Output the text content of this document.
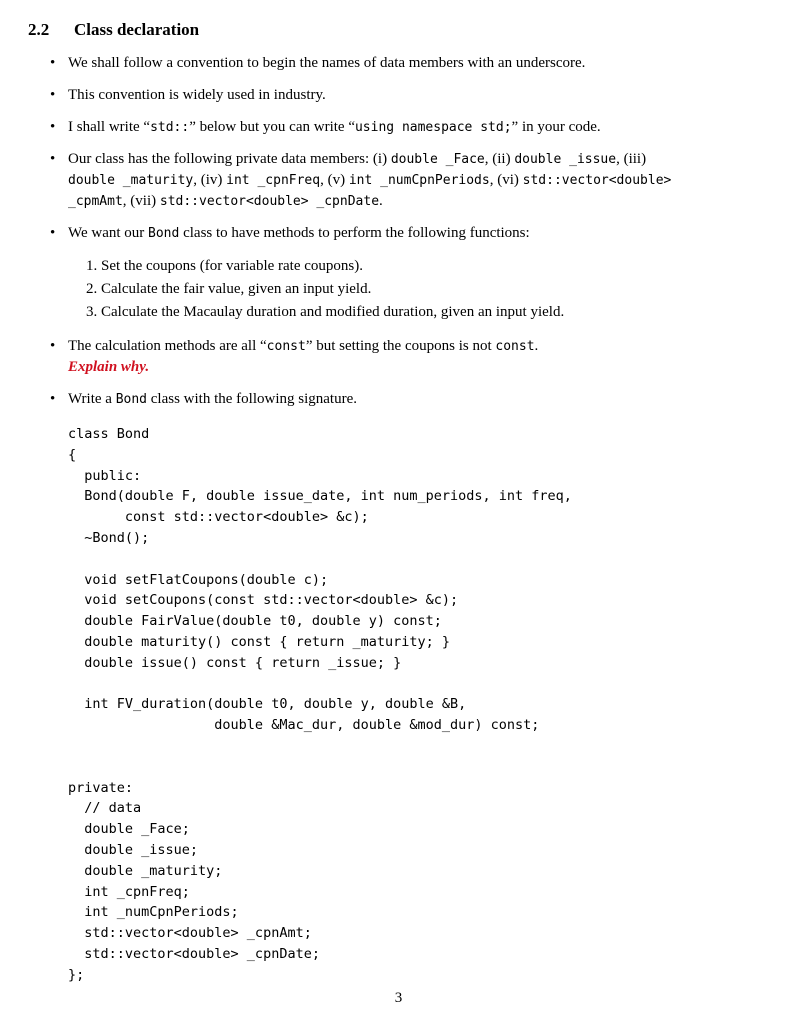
2.2 Class declaration
• We shall follow a convention to begin the names of data members with an underscore.
• This convention is widely used in industry.
• I shall write “std::” below but you can write “using namespace std;” in your code.
• Our class has the following private data members: (i) double _Face, (ii) double _issue, (iii)
double _maturity, (iv) int _cpnFreq, (v) int _numCpnPeriods, (vi) std::vector<double>
_cpmAmt, (vii) std::vector<double> _cpnDate.
• We want our Bond class to have methods to perform the following functions:
1. Set the coupons (for variable rate coupons).
2. Calculate the fair value, given an input yield.
3. Calculate the Macaulay duration and modified duration, given an input yield.
• The calculation methods are all “const” but setting the coupons is not const.
Explain why.
• Write a Bond class with the following signature.
class Bond
{
public:
Bond(double F, double issue_date, int num_periods, int freq,
const std::vector<double> &c);
~Bond();

void setFlatCoupons(double c);
void setCoupons(const std::vector<double> &c);
double FairValue(double t0, double y) const;
double maturity() const { return _maturity; }
double issue() const { return _issue; }

int FV_duration(double t0, double y, double &B,
double &Mac_dur, double &mod_dur) const;

private:
// data
double _Face;
double _issue;
double _maturity;
int _cpnFreq;
int _numCpnPeriods;
std::vector<double> _cpnAmt;
std::vector<double> _cpnDate;
};
3
